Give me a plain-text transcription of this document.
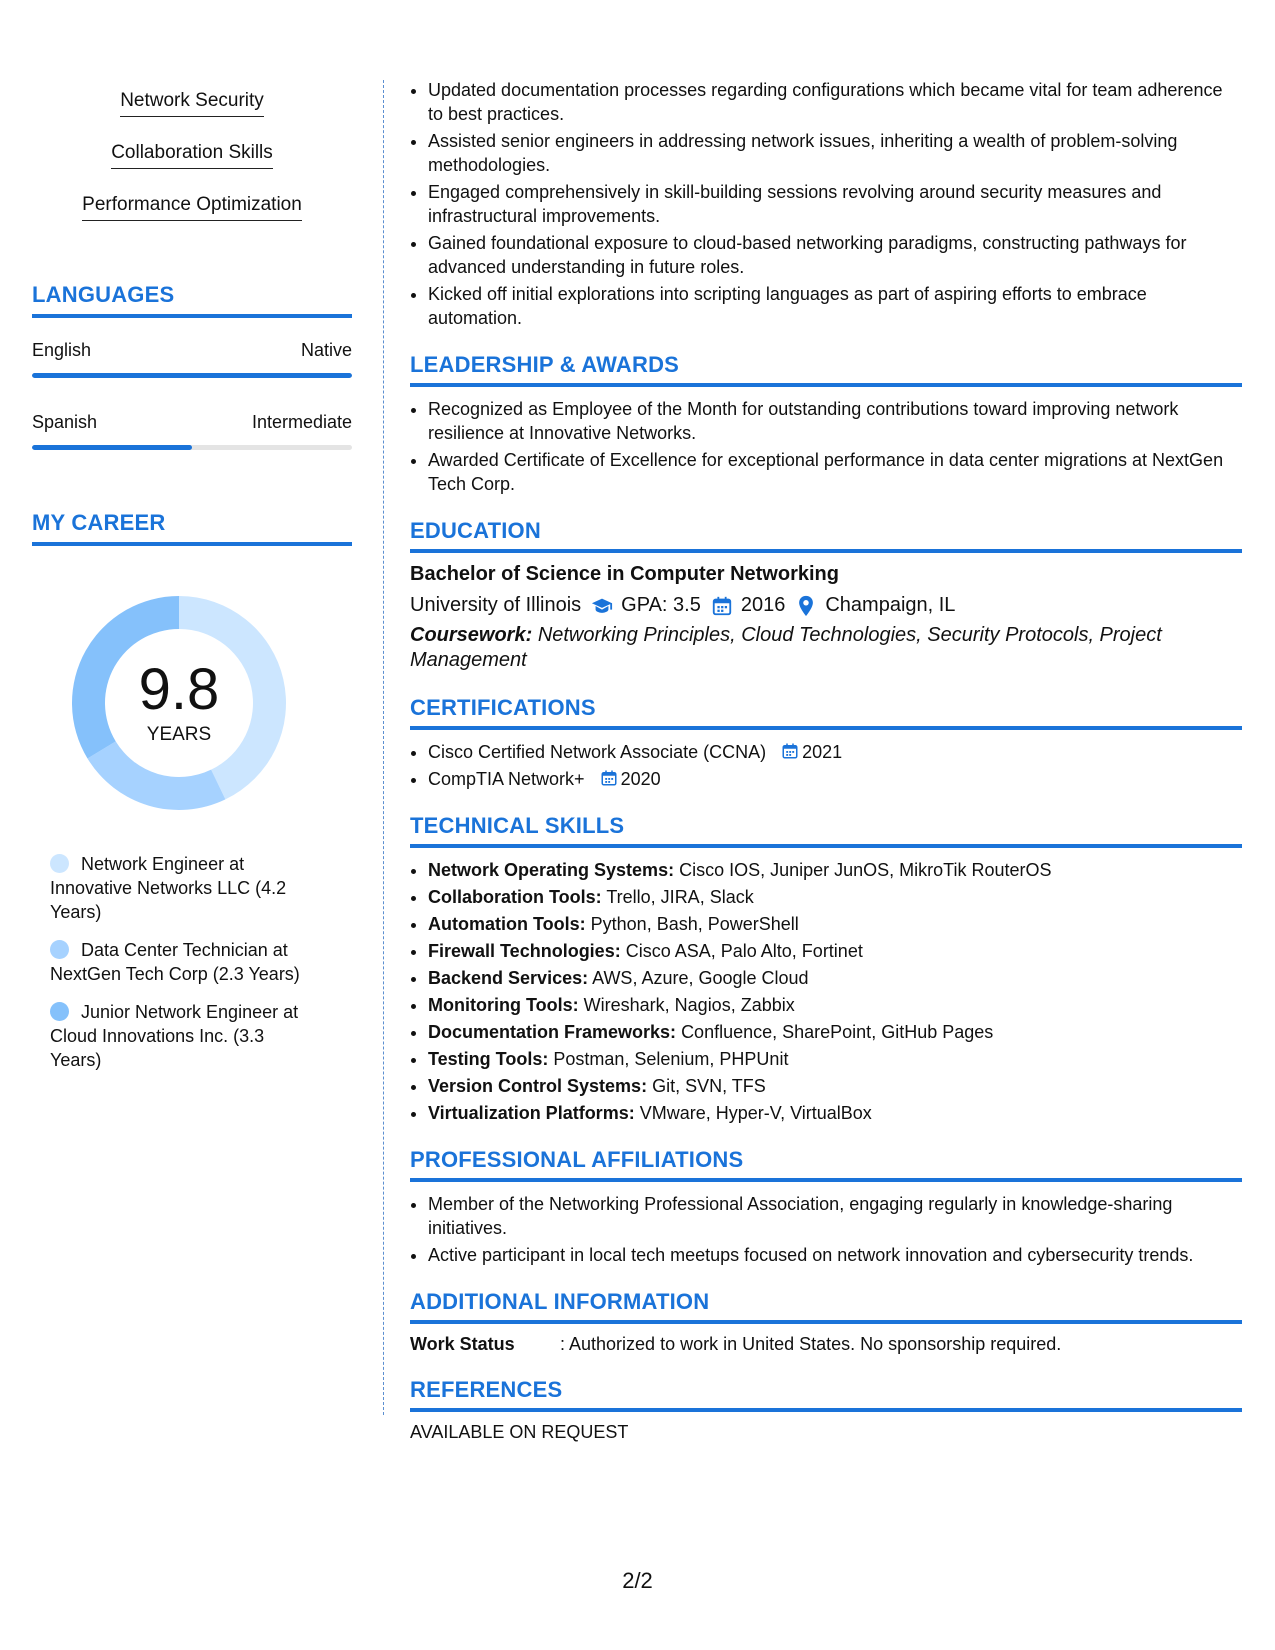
Network Security
Collaboration Skills
Performance Optimization
LANGUAGES
English	Native
Spanish	Intermediate
MY CAREER
9.8
YEARS
Network Engineer at Innovative Networks LLC (4.2 Years)
Data Center Technician at NextGen Tech Corp (2.3 Years)
Junior Network Engineer at Cloud Innovations Inc. (3.3 Years)
• Updated documentation processes regarding configurations which became vital for team adherence to best practices.
• Assisted senior engineers in addressing network issues, inheriting a wealth of problem-solving methodologies.
• Engaged comprehensively in skill-building sessions revolving around security measures and infrastructural improvements.
• Gained foundational exposure to cloud-based networking paradigms, constructing pathways for advanced understanding in future roles.
• Kicked off initial explorations into scripting languages as part of aspiring efforts to embrace automation.
LEADERSHIP & AWARDS
• Recognized as Employee of the Month for outstanding contributions toward improving network resilience at Innovative Networks.
• Awarded Certificate of Excellence for exceptional performance in data center migrations at NextGen Tech Corp.
EDUCATION
Bachelor of Science in Computer Networking
University of Illinois GPA: 3.5 2016 Champaign, IL
Coursework: Networking Principles, Cloud Technologies, Security Protocols, Project Management
CERTIFICATIONS
• Cisco Certified Network Associate (CCNA) 2021
• CompTIA Network+ 2020
TECHNICAL SKILLS
• Network Operating Systems: Cisco IOS, Juniper JunOS, MikroTik RouterOS
• Collaboration Tools: Trello, JIRA, Slack
• Automation Tools: Python, Bash, PowerShell
• Firewall Technologies: Cisco ASA, Palo Alto, Fortinet
• Backend Services: AWS, Azure, Google Cloud
• Monitoring Tools: Wireshark, Nagios, Zabbix
• Documentation Frameworks: Confluence, SharePoint, GitHub Pages
• Testing Tools: Postman, Selenium, PHPUnit
• Version Control Systems: Git, SVN, TFS
• Virtualization Platforms: VMware, Hyper-V, VirtualBox
PROFESSIONAL AFFILIATIONS
• Member of the Networking Professional Association, engaging regularly in knowledge-sharing initiatives.
• Active participant in local tech meetups focused on network innovation and cybersecurity trends.
ADDITIONAL INFORMATION
Work Status	: Authorized to work in United States. No sponsorship required.
REFERENCES
AVAILABLE ON REQUEST
2/2
